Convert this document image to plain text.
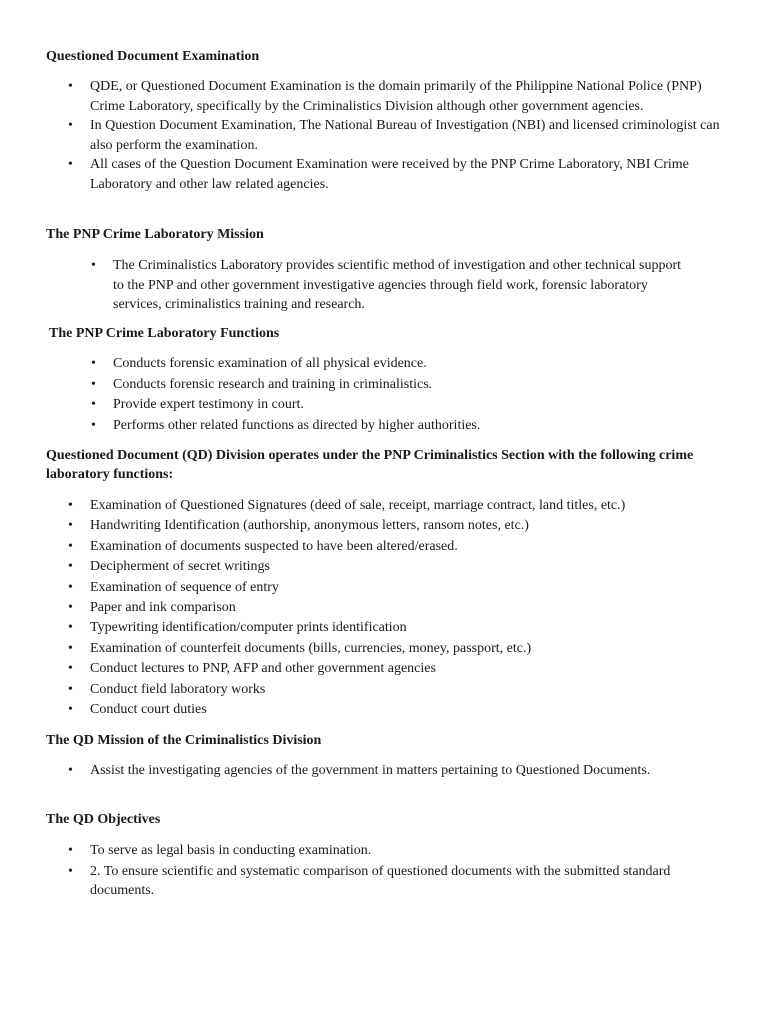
Questioned Document Examination

• QDE, or Questioned Document Examination is the domain primarily of the Philippine National Police (PNP) Crime Laboratory, specifically by the Criminalistics Division although other government agencies.
• In Question Document Examination, The National Bureau of Investigation (NBI) and licensed criminologist can also perform the examination.
• All cases of the Question Document Examination were received by the PNP Crime Laboratory, NBI Crime Laboratory and other law related agencies.

The PNP Crime Laboratory Mission

• The Criminalistics Laboratory provides scientific method of investigation and other technical support to the PNP and other government investigative agencies through field work, forensic laboratory services, criminalistics training and research.

The PNP Crime Laboratory Functions

• Conducts forensic examination of all physical evidence.
• Conducts forensic research and training in criminalistics.
• Provide expert testimony in court.
• Performs other related functions as directed by higher authorities.

Questioned Document (QD) Division operates under the PNP Criminalistics Section with the following crime laboratory functions:

• Examination of Questioned Signatures (deed of sale, receipt, marriage contract, land titles, etc.)
• Handwriting Identification (authorship, anonymous letters, ransom notes, etc.)
• Examination of documents suspected to have been altered/erased.
• Decipherment of secret writings
• Examination of sequence of entry
• Paper and ink comparison
• Typewriting identification/computer prints identification
• Examination of counterfeit documents (bills, currencies, money, passport, etc.)
• Conduct lectures to PNP, AFP and other government agencies
• Conduct field laboratory works
• Conduct court duties

The QD Mission of the Criminalistics Division

• Assist the investigating agencies of the government in matters pertaining to Questioned Documents.

The QD Objectives

• To serve as legal basis in conducting examination.
• 2. To ensure scientific and systematic comparison of questioned documents with the submitted standard documents.
